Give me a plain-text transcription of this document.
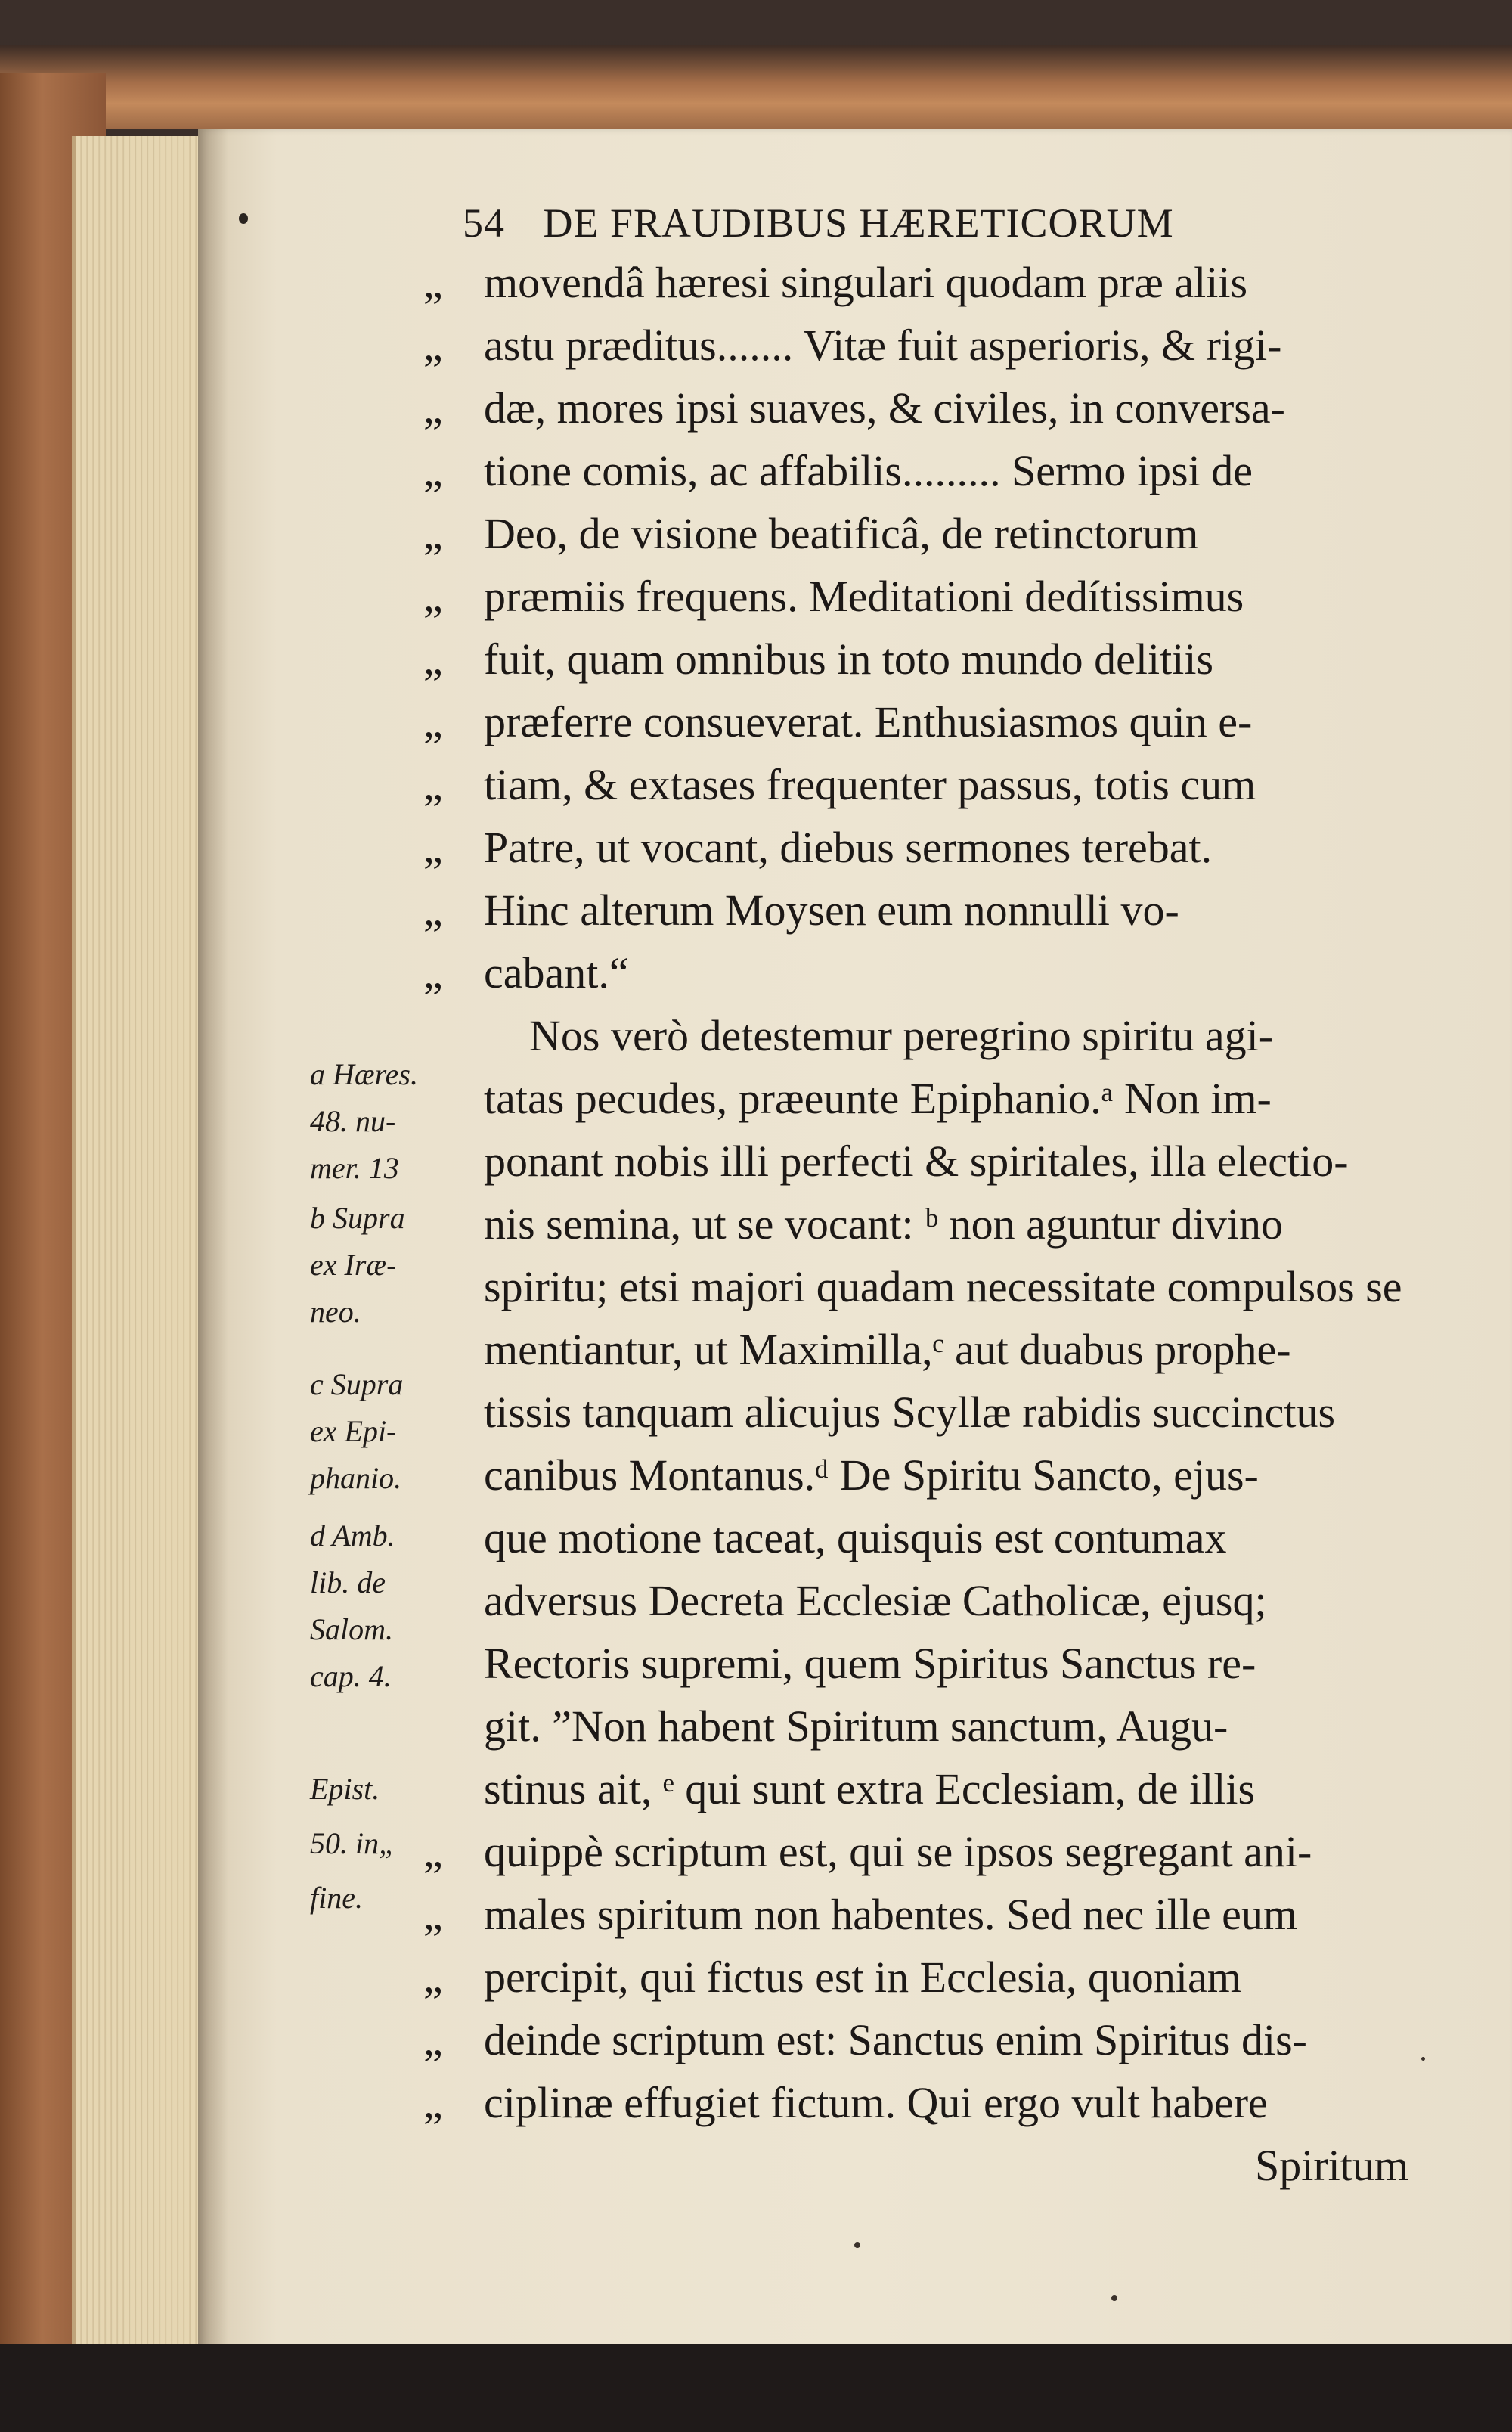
54 DE FRAUDIBUS HÆRETICORUM
„ movendâ hæresi singulari quodam præ aliis
„ astu præditus....... Vitæ fuit asperioris, & rigi-
„ dæ, mores ipsi suaves, & civiles, in conversa-
„ tione comis, ac affabilis......... Sermo ipsi de
„ Deo, de visione beatificâ, de retinctorum
„ præmiis frequens. Meditationi dedítissimus
„ fuit, quam omnibus in toto mundo delitiis
„ præferre consueverat. Enthusiasmos quin e-
„ tiam, & extases frequenter passus, totis cum
„ Patre, ut vocant, diebus sermones terebat.
„ Hinc alterum Moysen eum nonnulli vo-
„ cabant.“
Nos verò detestemur peregrino spiritu agi-
tatas pecudes, præeunte Epiphanio.ᵃ Non im-
ponant nobis illi perfecti & spiritales, illa electio-
nis semina, ut se vocant: ᵇ non aguntur divino
spiritu; etsi majori quadam necessitate compulsos se
mentiantur, ut Maximilla,ᶜ aut duabus prophe-
tissis tanquam alicujus Scyllæ rabidis succinctus
canibus Montanus.ᵈ De Spiritu Sancto, ejus-
que motione taceat, quisquis est contumax
adversus Decreta Ecclesiæ Catholicæ, ejusq;
Rectoris supremi, quem Spiritus Sanctus re-
git. ”Non habent Spiritum sanctum, Augu-
stinus ait, ᵉ qui sunt extra Ecclesiam, de illis
„ quippè scriptum est, qui se ipsos segregant ani-
„ males spiritum non habentes. Sed nec ille eum
„ percipit, qui fictus est in Ecclesia, quoniam
„ deinde scriptum est: Sanctus enim Spiritus dis-
„ ciplinæ effugiet fictum. Qui ergo vult habere
a Hæres.
48. nu-
mer. 13
b Supra
ex Iræ-
neo.
c Supra
ex Epi-
phanio.
d Amb.
lib. de
Salom.
cap. 4.
Epist.
50. in„
fine.
Spiritum
